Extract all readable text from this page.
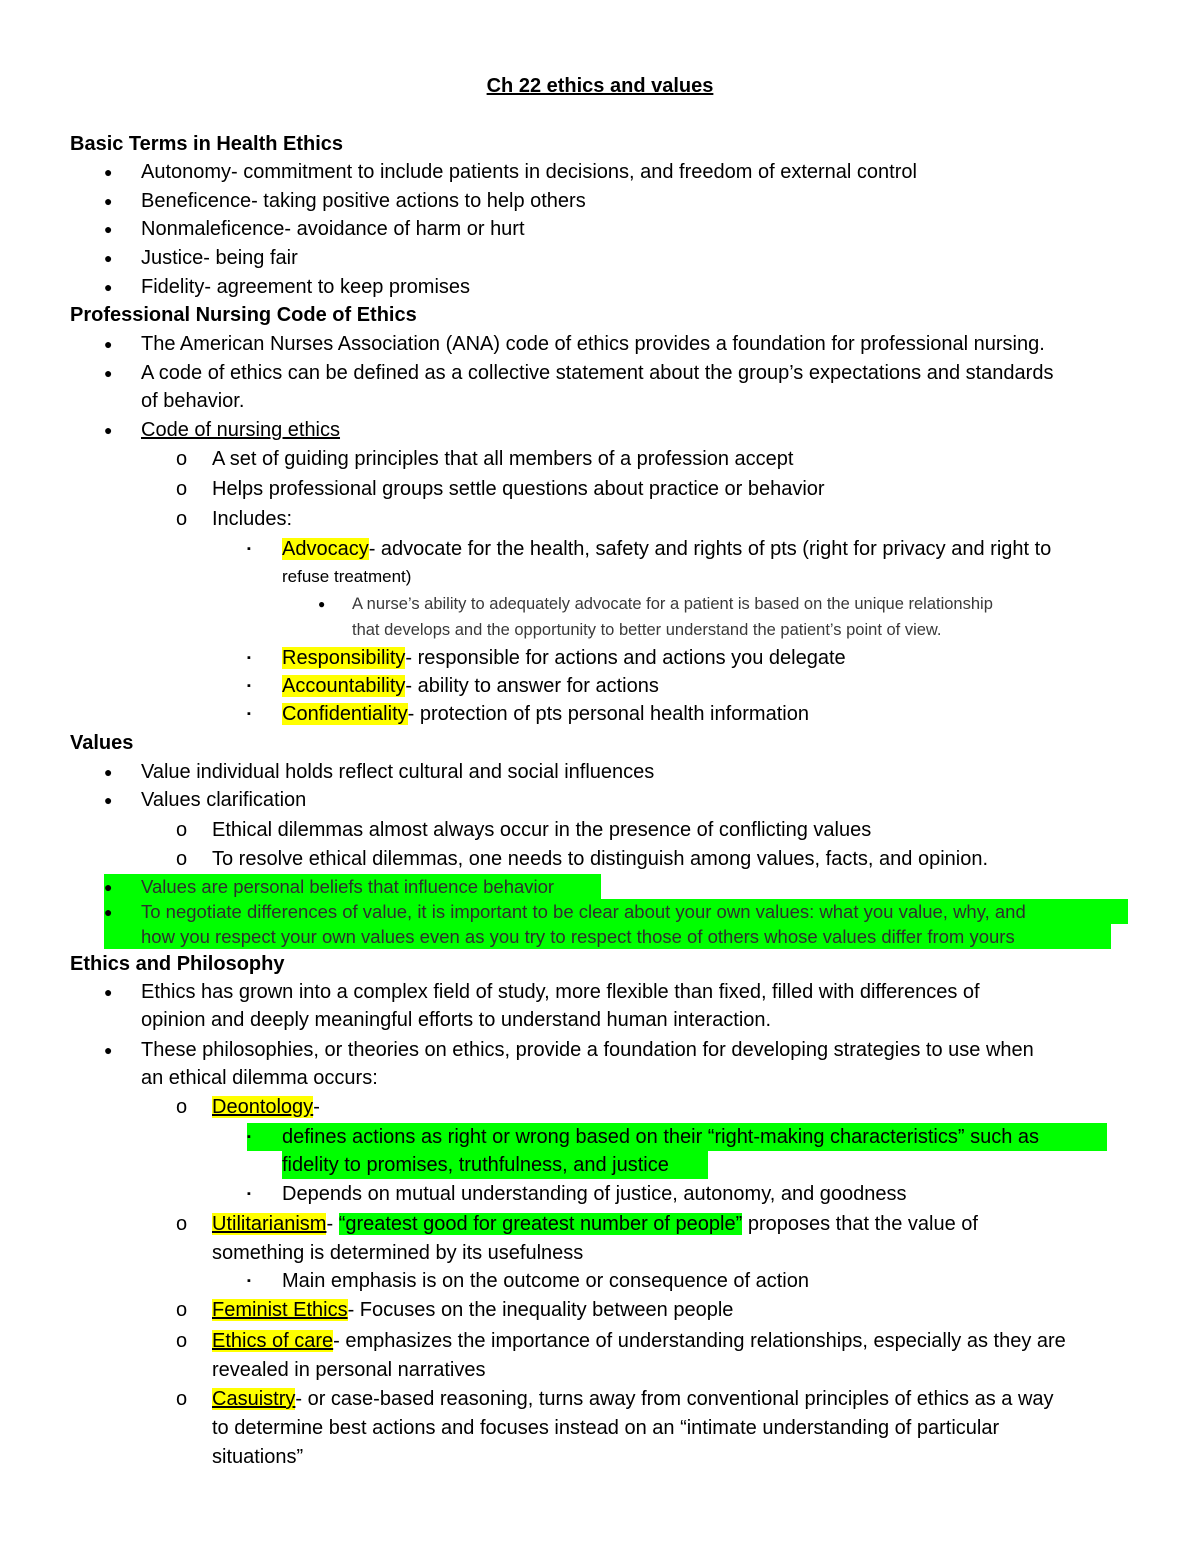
Ch 22 ethics and values
Basic Terms in Health Ethics
● Autonomy- commitment to include patients in decisions, and freedom of external control
● Beneficence- taking positive actions to help others
● Nonmaleficence- avoidance of harm or hurt
● Justice- being fair
● Fidelity- agreement to keep promises
Professional Nursing Code of Ethics
● The American Nurses Association (ANA) code of ethics provides a foundation for professional nursing.
● A code of ethics can be defined as a collective statement about the group’s expectations and standards
of behavior.
● Code of nursing ethics
o A set of guiding principles that all members of a profession accept
o Helps professional groups settle questions about practice or behavior
o Includes:
▪ Advocacy- advocate for the health, safety and rights of pts (right for privacy and right to
refuse treatment)
● A nurse’s ability to adequately advocate for a patient is based on the unique relationship
that develops and the opportunity to better understand the patient’s point of view.
▪ Responsibility- responsible for actions and actions you delegate
▪ Accountability- ability to answer for actions
▪ Confidentiality- protection of pts personal health information
Values
● Value individual holds reflect cultural and social influences
● Values clarification
o Ethical dilemmas almost always occur in the presence of conflicting values
o To resolve ethical dilemmas, one needs to distinguish among values, facts, and opinion.
● Values are personal beliefs that influence behavior
● To negotiate differences of value, it is important to be clear about your own values: what you value, why, and
how you respect your own values even as you try to respect those of others whose values differ from yours
Ethics and Philosophy
● Ethics has grown into a complex field of study, more flexible than fixed, filled with differences of
opinion and deeply meaningful efforts to understand human interaction.
● These philosophies, or theories on ethics, provide a foundation for developing strategies to use when
an ethical dilemma occurs:
o Deontology-
▪ defines actions as right or wrong based on their “right-making characteristics” such as
fidelity to promises, truthfulness, and justice
▪ Depends on mutual understanding of justice, autonomy, and goodness
o Utilitarianism- “greatest good for greatest number of people” proposes that the value of
something is determined by its usefulness
▪ Main emphasis is on the outcome or consequence of action
o Feminist Ethics- Focuses on the inequality between people
o Ethics of care- emphasizes the importance of understanding relationships, especially as they are
revealed in personal narratives
o Casuistry- or case-based reasoning, turns away from conventional principles of ethics as a way
to determine best actions and focuses instead on an “intimate understanding of particular
situations”
